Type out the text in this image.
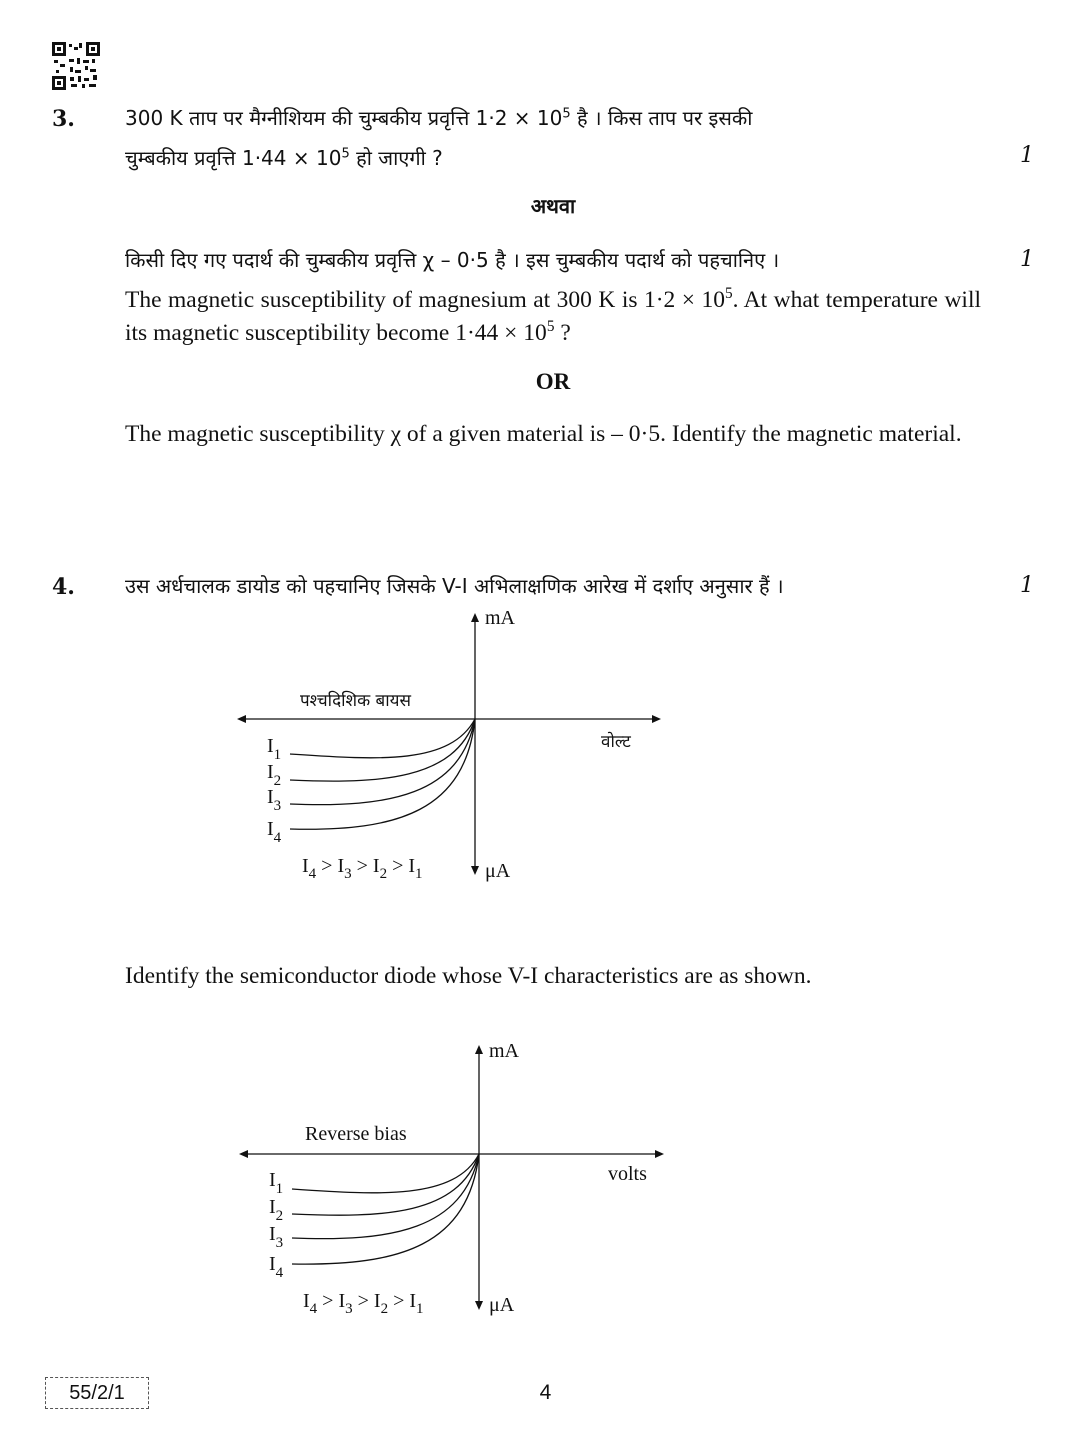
3.	300 K ताप पर मैग्नीशियम की चुम्बकीय प्रवृत्ति $1\cdot 2 \times 10^5$ है । किस ताप पर इसकी
चुम्बकीय प्रवृत्ति $1\cdot 44 \times 10^5$ हो जाएगी ?	1
अथवा
किसी दिए गए पदार्थ की चुम्बकीय प्रवृत्ति χ – 0·5 है । इस चुम्बकीय पदार्थ को पहचानिए ।	1
The magnetic susceptibility of magnesium at 300 K is $1\cdot 2 \times 10^5$. At what temperature will its magnetic susceptibility become $1\cdot 44 \times 10^5$ ?
OR
The magnetic susceptibility χ of a given material is – 0·5. Identify the magnetic material.
4.	उस अर्धचालक डायोड को पहचानिए जिसके V-I अभिलाक्षणिक आरेख में दर्शाए अनुसार हैं ।	1
mA
μA
वोल्ट
पश्चदिशिक बायस
$I_1$
$I_2$
$I_3$
$I_4$
$I_4 > I_3 > I_2 > I_1$
Identify the semiconductor diode whose V-I characteristics are as shown.
mA
μA
volts
Reverse bias
$I_1$
$I_2$
$I_3$
$I_4$
$I_4 > I_3 > I_2 > I_1$
55/2/1	4
